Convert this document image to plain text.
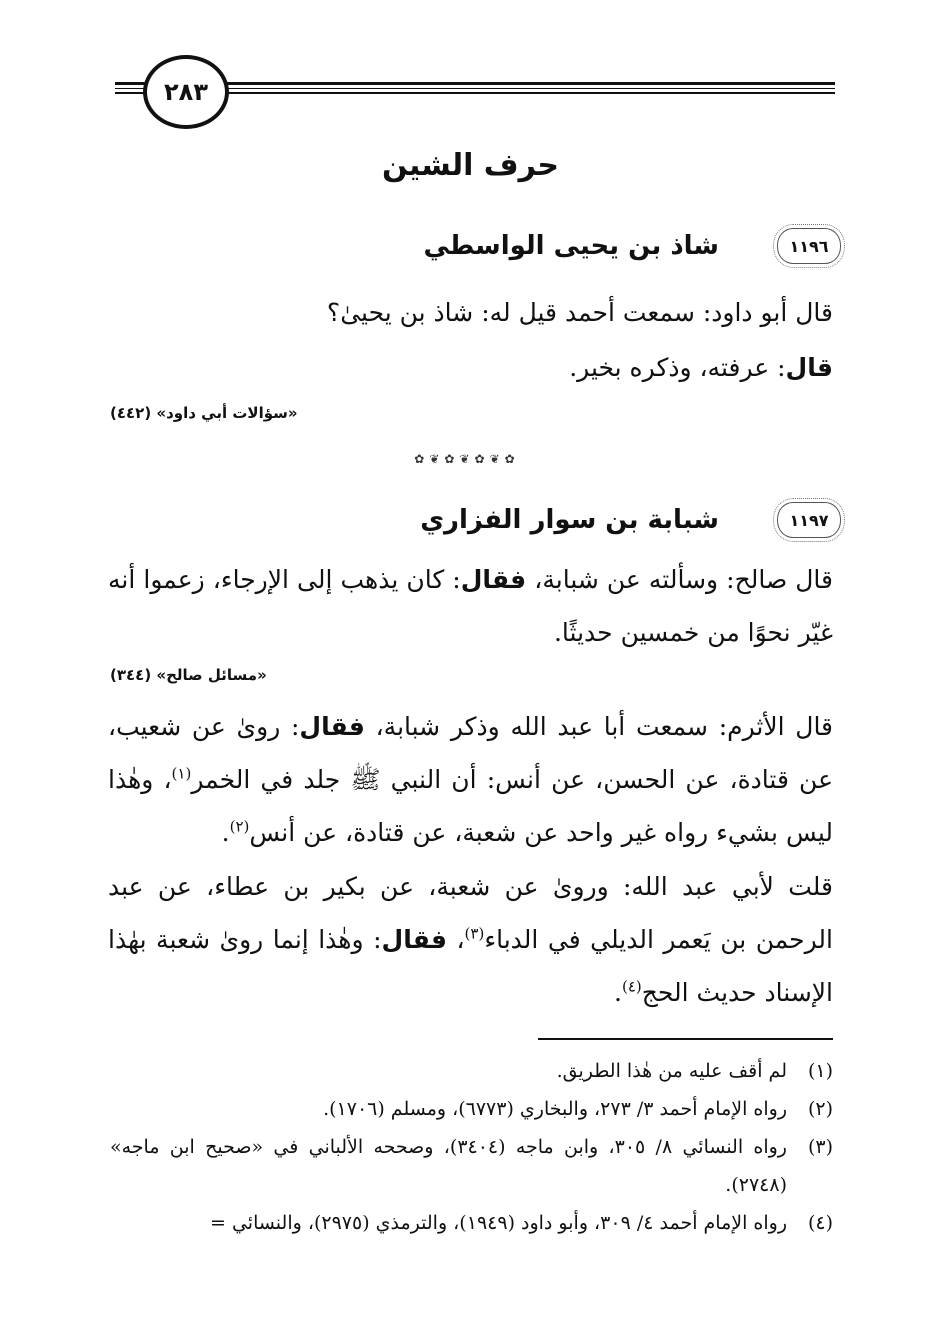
٢٨٣
حرف الشين
١١٩٦
شاذ بن يحيى الواسطي
قال أبو داود: سمعت أحمد قيل له: شاذ بن يحيىٰ؟
قال: عرفته، وذكره بخير.
«سؤالات أبي داود» (٤٤٢)
✿ ❦ ✿ ❦ ✿ ❦ ✿
١١٩٧
شبابة بن سوار الفزاري
قال صالح: وسألته عن شبابة، فقال: كان يذهب إلى الإرجاء، زعموا أنه غيّر نحوًا من خمسين حديثًا.
«مسائل صالح» (٣٤٤)
قال الأثرم: سمعت أبا عبد الله وذكر شبابة، فقال: روىٰ عن شعيب، عن قتادة، عن الحسن، عن أنس: أن النبي ﷺ جلد في الخمر$^{(١)}$، وهٰذا ليس بشيء رواه غير واحد عن شعبة، عن قتادة، عن أنس$^{(٢)}$.
قلت لأبي عبد الله: وروىٰ عن شعبة، عن بكير بن عطاء، عن عبد الرحمن بن يَعمر الديلي في الدباء$^{(٣)}$، فقال: وهٰذا إنما روىٰ شعبة بهٰذا الإسناد حديث الحج$^{(٤)}$.
(١)
لم أقف عليه من هٰذا الطريق.
(٢)
رواه الإمام أحمد ٣/ ٢٧٣، والبخاري (٦٧٧٣)، ومسلم (١٧٠٦).
(٣)
رواه النسائي ٨/ ٣٠٥، وابن ماجه (٣٤٠٤)، وصححه الألباني في «صحيح ابن ماجه» (٢٧٤٨).
(٤)
رواه الإمام أحمد ٤/ ٣٠٩، وأبو داود (١٩٤٩)، والترمذي (٢٩٧٥)، والنسائي =
